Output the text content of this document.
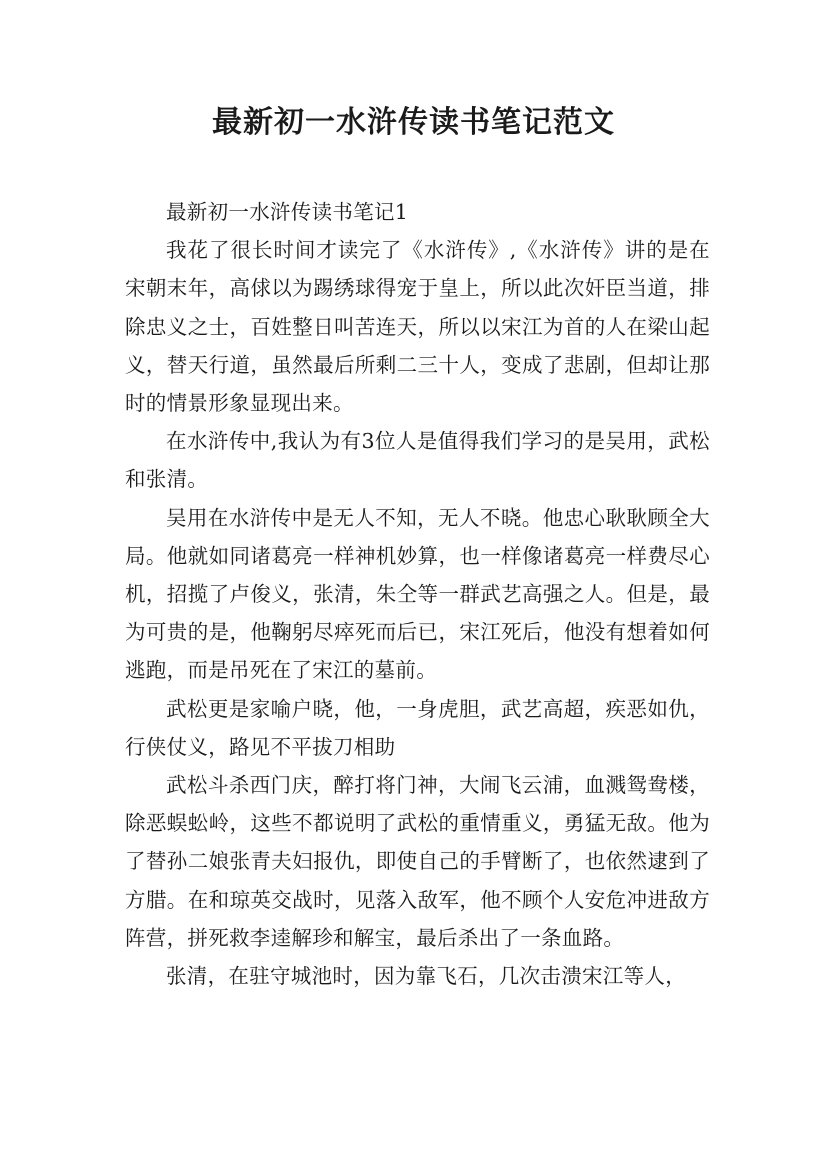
最新初一水浒传读书笔记范文

最新初一水浒传读书笔记1

我花了很长时间才读完了《水浒传》,《水浒传》讲的是在宋朝末年，高俅以为踢绣球得宠于皇上，所以此次奸臣当道，排除忠义之士，百姓整日叫苦连天，所以以宋江为首的人在梁山起义，替天行道，虽然最后所剩二三十人，变成了悲剧，但却让那时的情景形象显现出来。

在水浒传中,我认为有3位人是值得我们学习的是吴用，武松和张清。

吴用在水浒传中是无人不知，无人不晓。他忠心耿耿顾全大局。他就如同诸葛亮一样神机妙算，也一样像诸葛亮一样费尽心机，招揽了卢俊义，张清，朱仝等一群武艺高强之人。但是，最为可贵的是，他鞠躬尽瘁死而后已，宋江死后，他没有想着如何逃跑，而是吊死在了宋江的墓前。

武松更是家喻户晓，他，一身虎胆，武艺高超，疾恶如仇，行侠仗义，路见不平拔刀相助

武松斗杀西门庆，醉打将门神，大闹飞云浦，血溅鸳鸯楼，除恶蜈蚣岭，这些不都说明了武松的重情重义，勇猛无敌。他为了替孙二娘张青夫妇报仇，即使自己的手臂断了，也依然逮到了方腊。在和琼英交战时，见落入敌军，他不顾个人安危冲进敌方阵营，拼死救李逵解珍和解宝，最后杀出了一条血路。

张清，在驻守城池时，因为靠飞石，几次击溃宋江等人，
